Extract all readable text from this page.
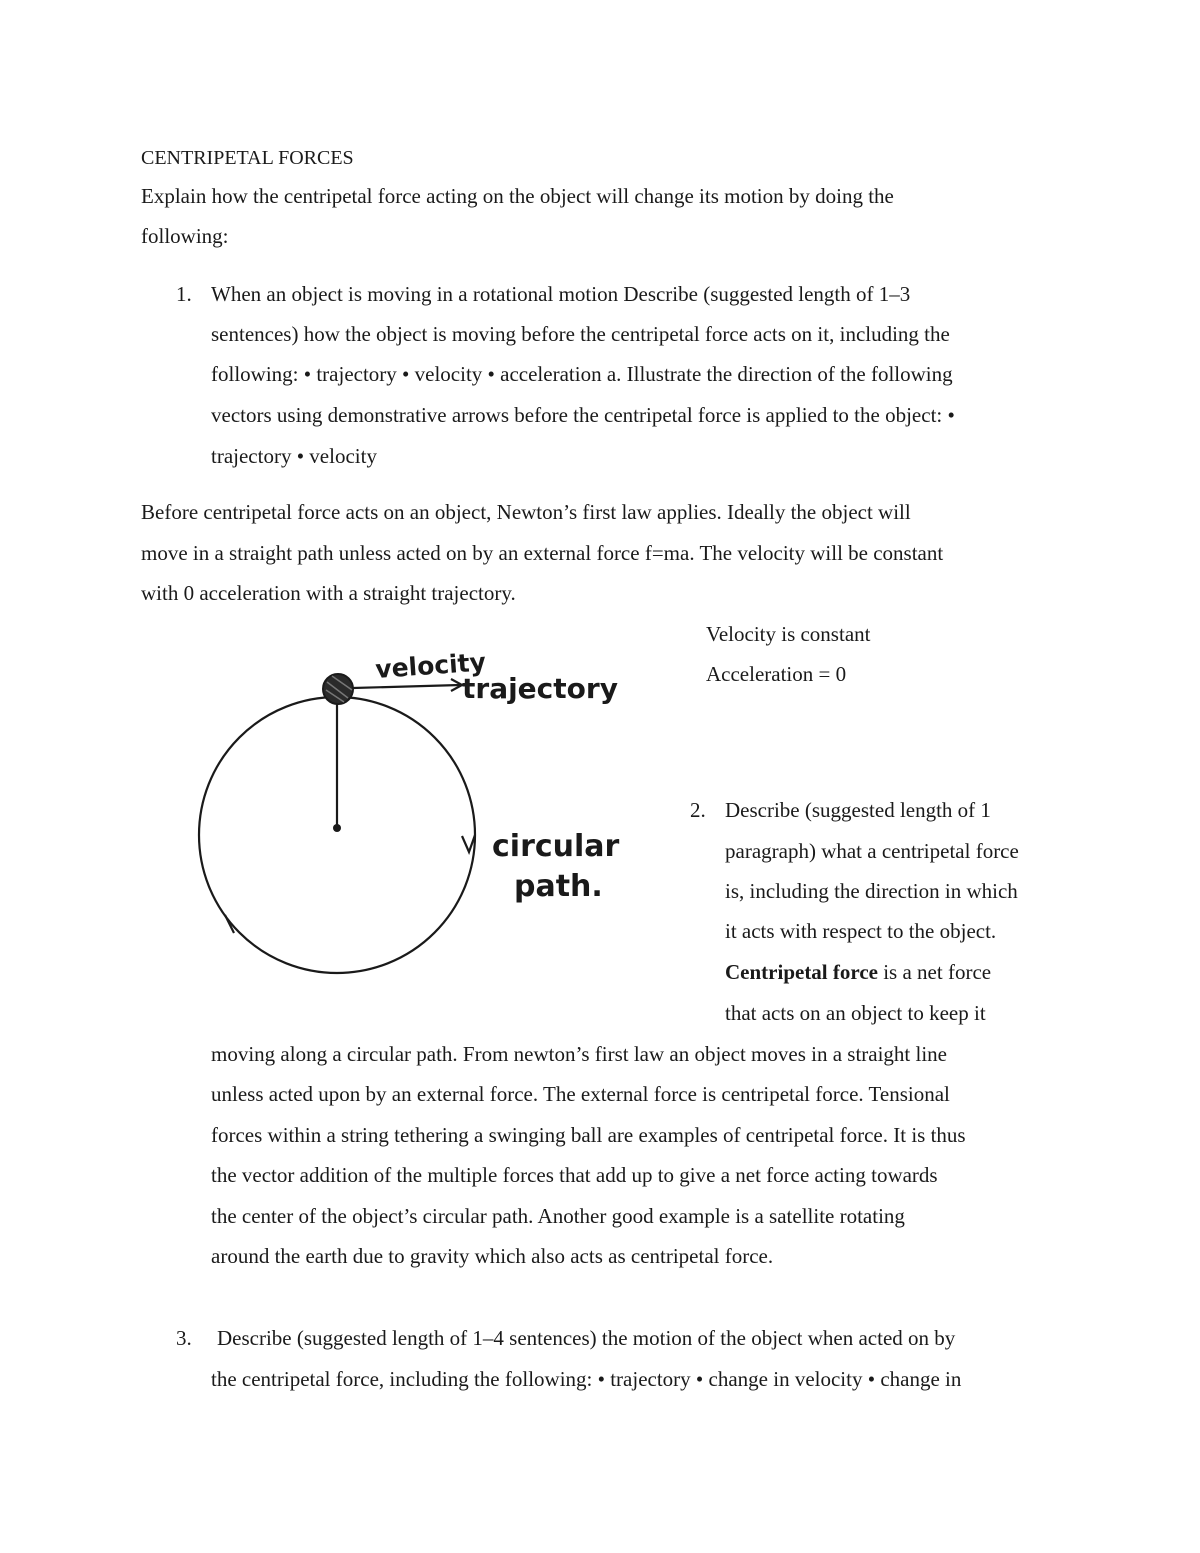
CENTRIPETAL FORCES
Explain how the centripetal force acting on the object will change its motion by doing the
following:
1. When an object is moving in a rotational motion Describe (suggested length of 1–3
sentences) how the object is moving before the centripetal force acts on it, including the
following: • trajectory • velocity • acceleration a. Illustrate the direction of the following
vectors using demonstrative arrows before the centripetal force is applied to the object: •
trajectory • velocity
Before centripetal force acts on an object, Newton’s first law applies. Ideally the object will
move in a straight path unless acted on by an external force f=ma. The velocity will be constant
with 0 acceleration with a straight trajectory.
Velocity is constant
Acceleration = 0
velocity
trajectory
circular
path.
2. Describe (suggested length of 1
paragraph) what a centripetal force
is, including the direction in which
it acts with respect to the object.
Centripetal force is a net force
that acts on an object to keep it
moving along a circular path. From newton’s first law an object moves in a straight line
unless acted upon by an external force. The external force is centripetal force. Tensional
forces within a string tethering a swinging ball are examples of centripetal force. It is thus
the vector addition of the multiple forces that add up to give a net force acting towards
the center of the object’s circular path. Another good example is a satellite rotating
around the earth due to gravity which also acts as centripetal force.
3. Describe (suggested length of 1–4 sentences) the motion of the object when acted on by
the centripetal force, including the following: • trajectory • change in velocity • change in
